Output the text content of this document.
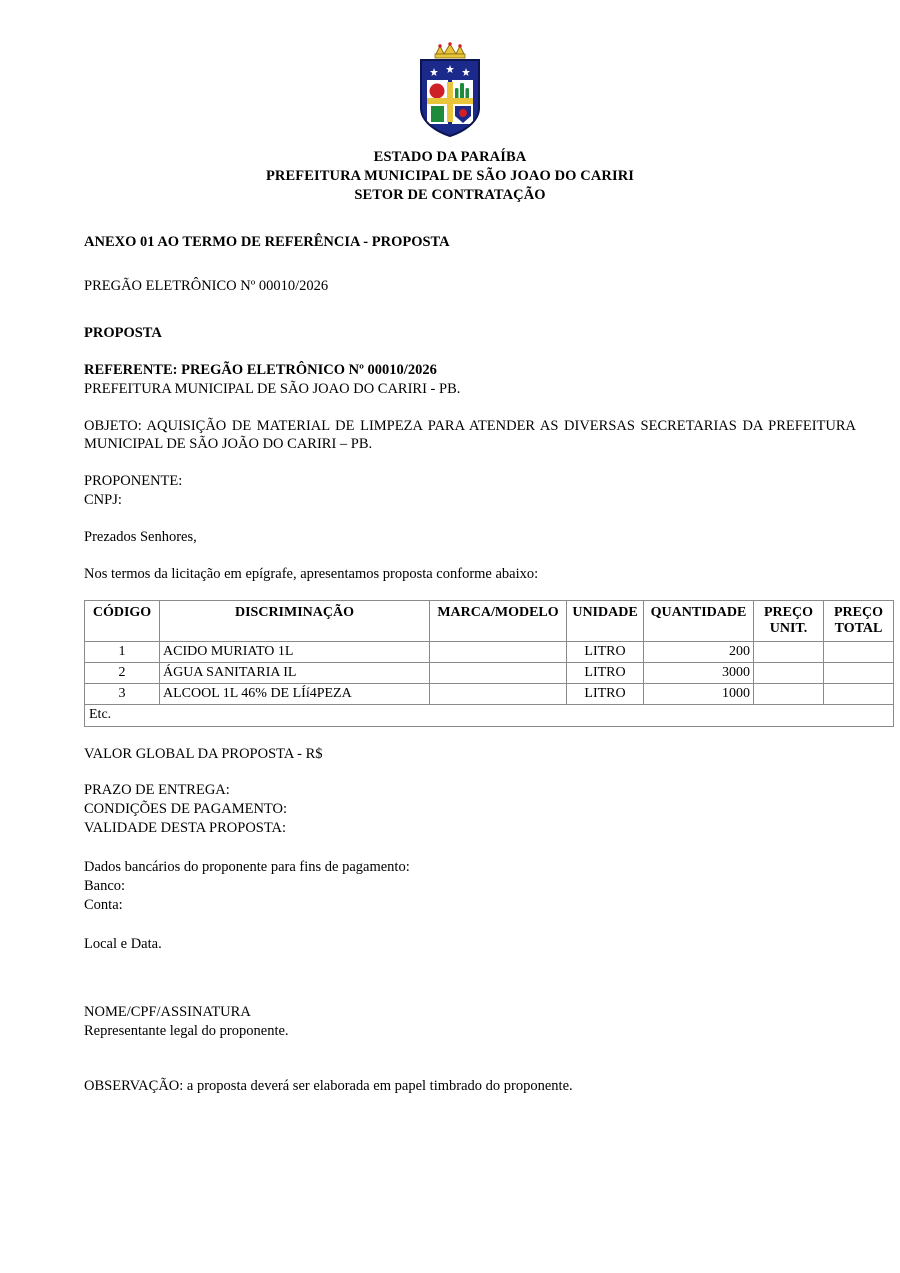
ESTADO DA PARAÍBA
PREFEITURA MUNICIPAL DE SÃO JOAO DO CARIRI
SETOR DE CONTRATAÇÃO
ANEXO 01 AO TERMO DE REFERÊNCIA - PROPOSTA
PREGÃO ELETRÔNICO Nº 00010/2026
PROPOSTA
REFERENTE: PREGÃO ELETRÔNICO Nº 00010/2026
PREFEITURA MUNICIPAL DE SÃO JOAO DO CARIRI - PB.
OBJETO: AQUISIÇÃO DE MATERIAL DE LIMPEZA PARA ATENDER AS DIVERSAS SECRETARIAS DA PREFEITURA MUNICIPAL DE SÃO JOÃO DO CARIRI – PB.
PROPONENTE:
CNPJ:
Prezados Senhores,
Nos termos da licitação em epígrafe, apresentamos proposta conforme abaixo:
CÓDIGO	DISCRIMINAÇÃO	MARCA/MODELO	UNIDADE	QUANTIDADE	PREÇO UNIT.	PREÇO TOTAL
1	ACIDO MURIATO 1L		LITRO	200		
2	ÁGUA SANITARIA IL		LITRO	3000		
3	ALCOOL 1L 46% DE LÍí4PEZA		LITRO	1000		
Etc.						
VALOR GLOBAL DA PROPOSTA - R$
PRAZO DE ENTREGA:
CONDIÇÕES DE PAGAMENTO:
VALIDADE DESTA PROPOSTA:
Dados bancários do proponente para fins de pagamento:
Banco:
Conta:
Local e Data.
NOME/CPF/ASSINATURA
Representante legal do proponente.
OBSERVAÇÃO: a proposta deverá ser elaborada em papel timbrado do proponente.
